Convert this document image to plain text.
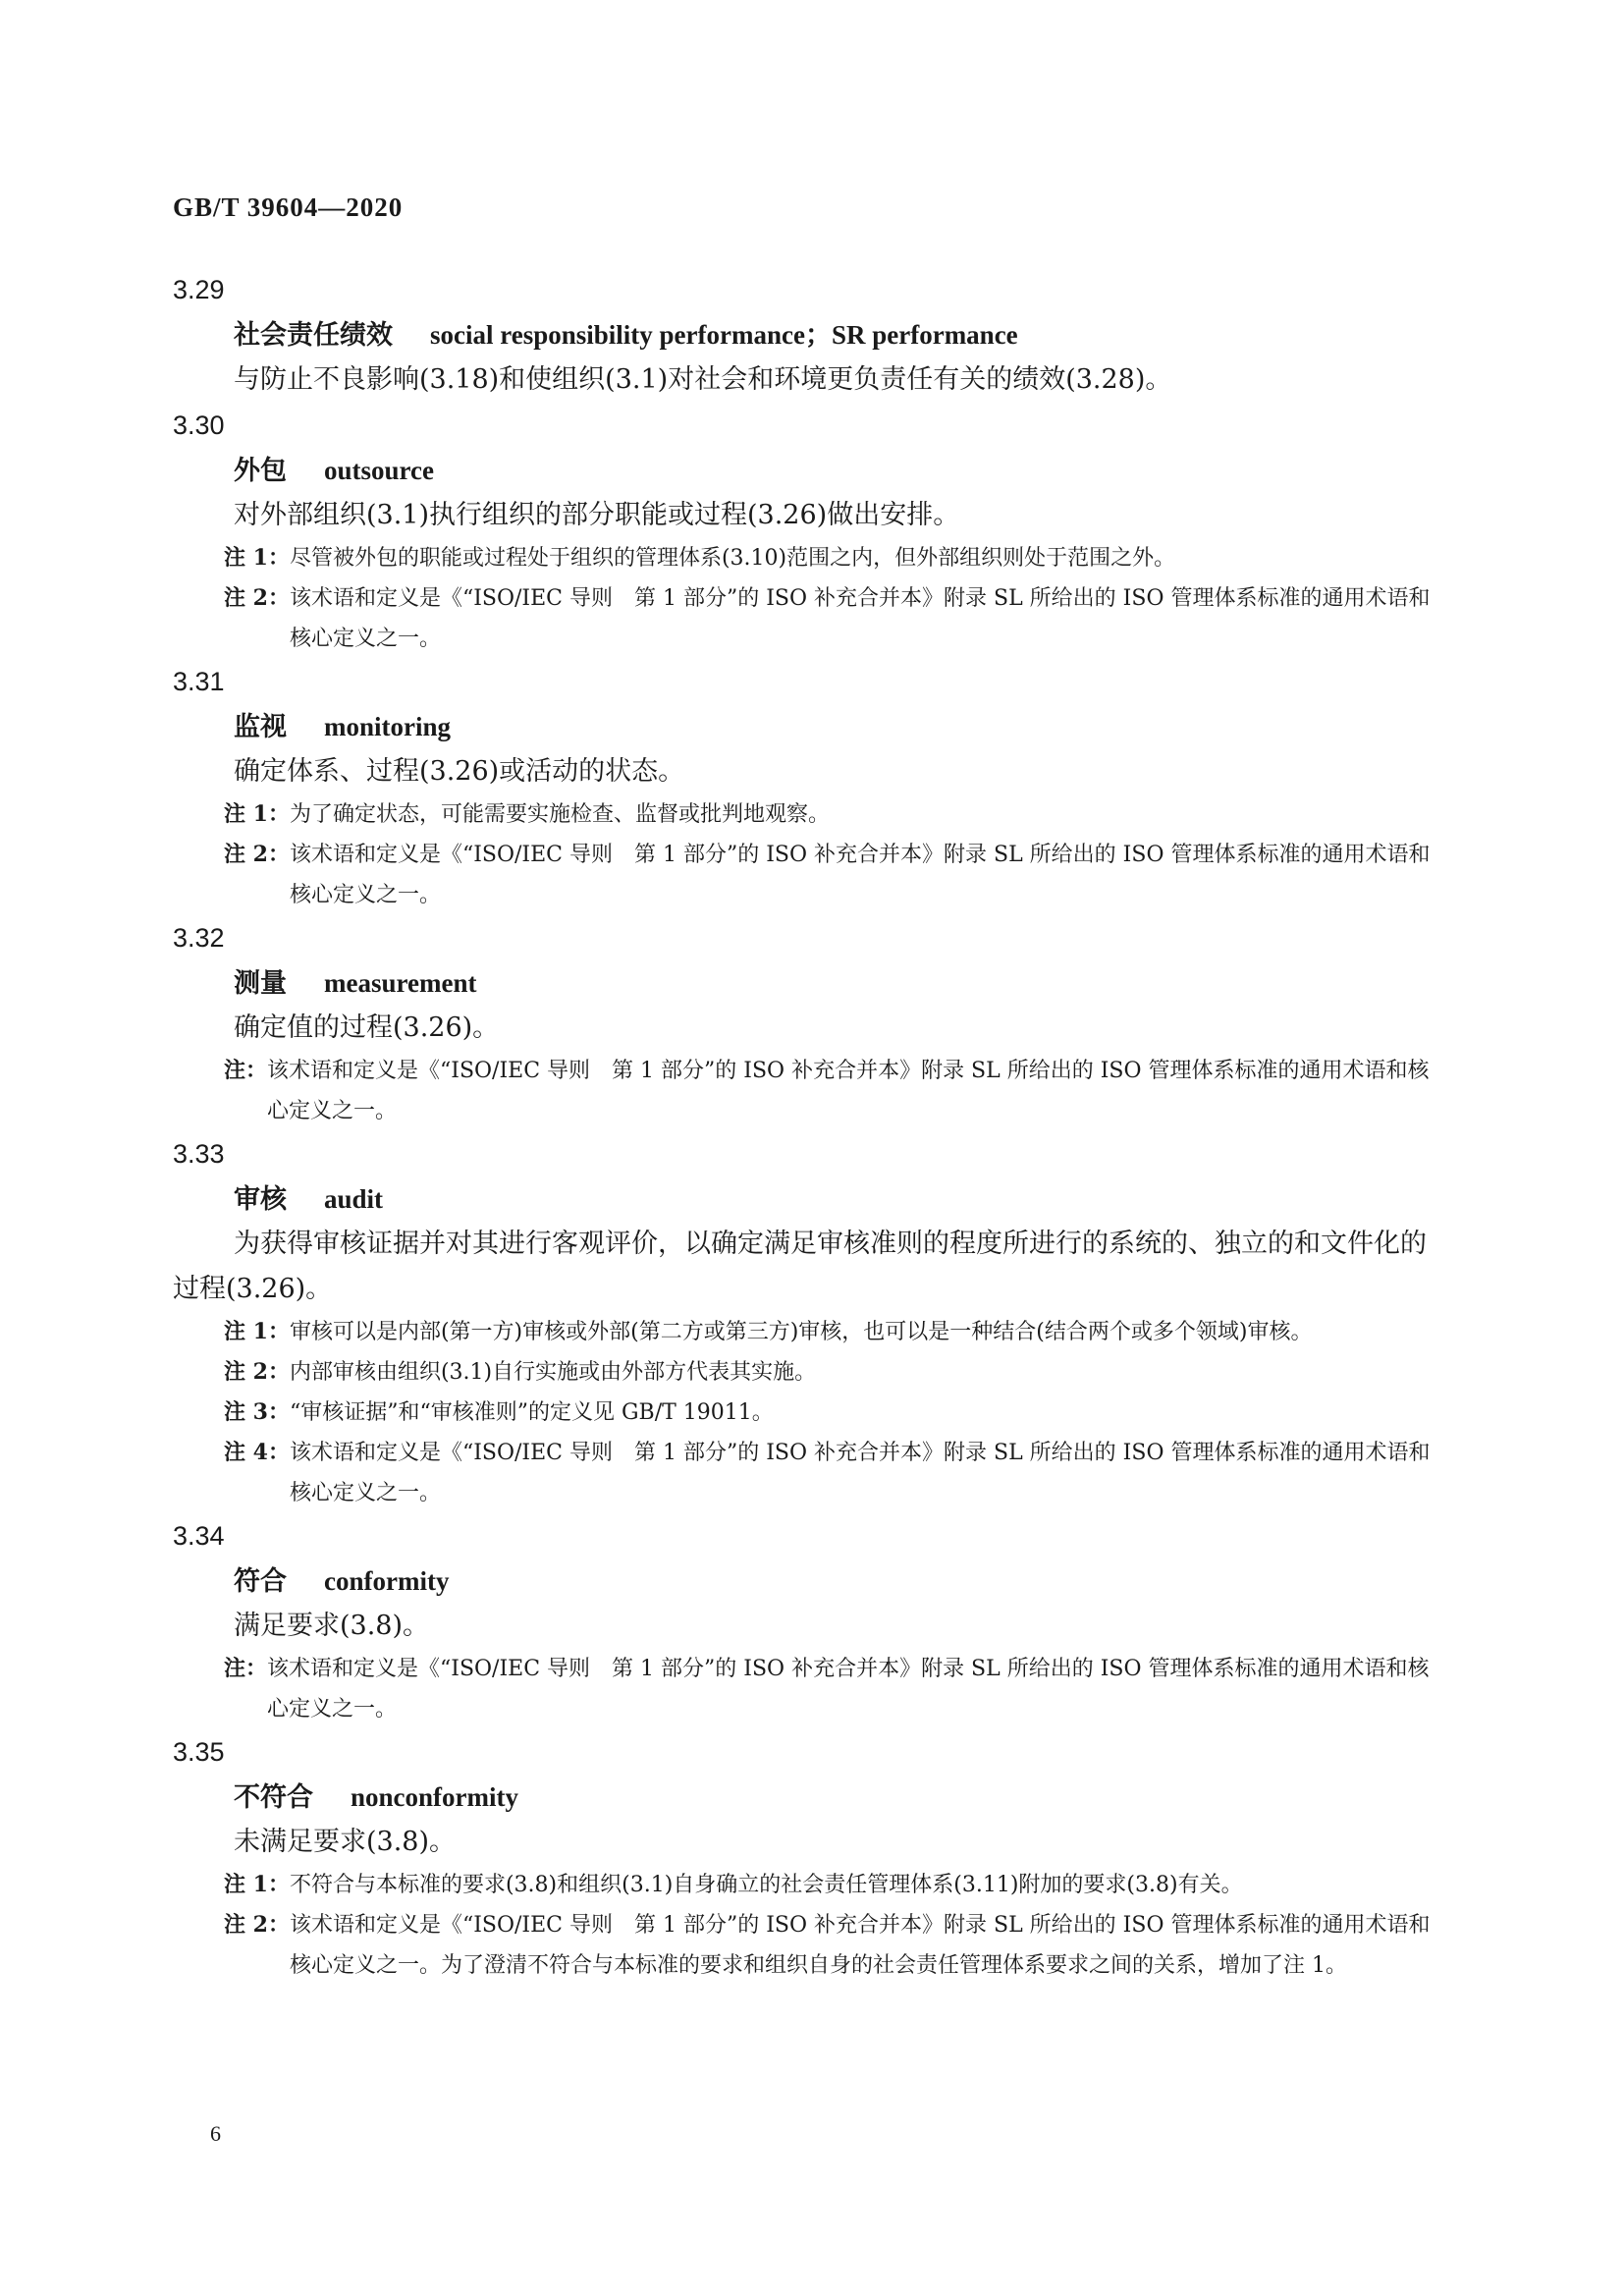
GB/T 39604—2020
3.29
社会责任绩效 social responsibility performance；SR performance
与防止不良影响(3.18)和使组织(3.1)对社会和环境更负责任有关的绩效(3.28)。
3.30
外包 outsource
对外部组织(3.1)执行组织的部分职能或过程(3.26)做出安排。
注 1： 尽管被外包的职能或过程处于组织的管理体系(3.10)范围之内，但外部组织则处于范围之外。
注 2： 该术语和定义是《“ISO/IEC 导则　第 1 部分”的 ISO 补充合并本》附录 SL 所给出的 ISO 管理体系标准的通用术语和核心定义之一。
3.31
监视 monitoring
确定体系、过程(3.26)或活动的状态。
注 1： 为了确定状态，可能需要实施检查、监督或批判地观察。
注 2： 该术语和定义是《“ISO/IEC 导则　第 1 部分”的 ISO 补充合并本》附录 SL 所给出的 ISO 管理体系标准的通用术语和核心定义之一。
3.32
测量 measurement
确定值的过程(3.26)。
注： 该术语和定义是《“ISO/IEC 导则　第 1 部分”的 ISO 补充合并本》附录 SL 所给出的 ISO 管理体系标准的通用术语和核心定义之一。
3.33
审核 audit
为获得审核证据并对其进行客观评价，以确定满足审核准则的程度所进行的系统的、独立的和文件化的过程(3.26)。
注 1： 审核可以是内部(第一方)审核或外部(第二方或第三方)审核，也可以是一种结合(结合两个或多个领域)审核。
注 2： 内部审核由组织(3.1)自行实施或由外部方代表其实施。
注 3： “审核证据”和“审核准则”的定义见 GB/T 19011。
注 4： 该术语和定义是《“ISO/IEC 导则　第 1 部分”的 ISO 补充合并本》附录 SL 所给出的 ISO 管理体系标准的通用术语和核心定义之一。
3.34
符合 conformity
满足要求(3.8)。
注： 该术语和定义是《“ISO/IEC 导则　第 1 部分”的 ISO 补充合并本》附录 SL 所给出的 ISO 管理体系标准的通用术语和核心定义之一。
3.35
不符合 nonconformity
未满足要求(3.8)。
注 1： 不符合与本标准的要求(3.8)和组织(3.1)自身确立的社会责任管理体系(3.11)附加的要求(3.8)有关。
注 2： 该术语和定义是《“ISO/IEC 导则　第 1 部分”的 ISO 补充合并本》附录 SL 所给出的 ISO 管理体系标准的通用术语和核心定义之一。为了澄清不符合与本标准的要求和组织自身的社会责任管理体系要求之间的关系，增加了注 1。
6
